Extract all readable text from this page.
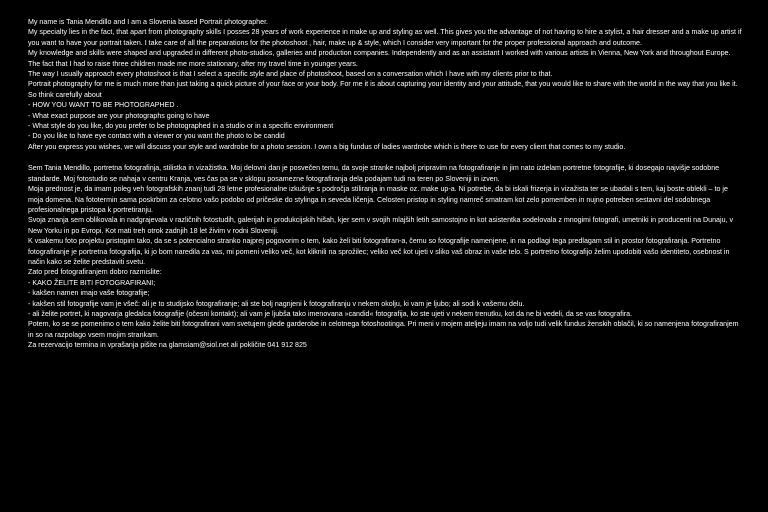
My name is Tania Mendillo and I am a Slovenia based Portrait photographer.

My specialty lies in the fact, that apart from photography skills I posses 28 years of work experience in make up and styling as well. This gives you the advantage of not having to hire a stylist, a hair dresser and a make up artist if you want to have your portrait taken. I take care of all the preparations for the photoshoot , hair, make up & style, which I consider very important for the proper professional approach and outcome.

My knowledge and skills were shaped and upgraded in different photo-studios, galleries and production companies. Independently and as an assistant I worked with various artists in Vienna, New York and throughout Europe. The fact that I had to raise three children made me more stationary, after my travel time in younger years.

The way I usually approach every photoshoot is that I select a specific style and place of photoshoot, based on a conversation which I have with my clients prior to that.

Portrait photography for me is much more than just taking a quick picture of your face or your body. For me it is about capturing your identity and your attitude, that you would like to share with the world in the way that you like it.

So think carefully about

- HOW YOU WANT TO BE PHOTOGRAPHED .

- What exact purpose are your photographs going to have

- What style do you like, do you prefer to be photographed in a studio or in a specific environment

- Do you like to have eye contact with a viewer or you want the photo to be candid

After you express you wishes, we will discuss your style and wardrobe for a photo session. I own a big fundus of ladies wardrobe which is there to use for every client that comes to my studio.

Sem Tania Mendillo, portretna fotografinja, stilistka in vizažistka. Moj delovni dan je posvečen temu, da svoje stranke najbolj pripravim na fotografiranje in jim nato izdelam portretne fotografije, ki dosegajo najvišje sodobne standarde. Moj fotostudio se nahaja v centru Kranja, ves čas pa se v sklopu posamezne fotografiranja dela podajam tudi na teren po Sloveniji in izven.

Moja prednost je, da imam poleg veh fotografskih znanj tudi 28 letne profesionalne izkušnje s področja stiliranja in maske oz. make up-a. Ni potrebe, da bi iskali frizerja in vizažista ter se ubadali s tem, kaj boste oblekli – to je moja domena. Na fototermin sama poskrbim za celotno vašo podobo od pričeske do stylinga in seveda ličenja. Celosten pristop in styling namreč smatram kot zelo pomemben in nujno potreben sestavni del sodobnega profesionalnega pristopa k portretiranju.

Svoja znanja sem oblikovala in nadgrajevala v različnih fotostudih, galerijah in produkcijskih hišah, kjer sem v svojih mlajših letih samostojno in kot asistentka sodelovala z mnogimi fotografi, umetniki in producenti na Dunaju, v New Yorku in po Evropi. Kot mati treh otrok zadnjih 18 let živim v rodni Sloveniji.

K vsakemu foto projektu pristopim tako, da se s potencialno stranko najprej pogovorim o tem, kako želi biti fotografiran-a, čemu so fotografije namenjene, in na podlagi tega predlagam stil in prostor fotografiranja. Portretno fotografiranje je portretna fotografija, ki jo bom naredila za vas, mi pomeni veliko več, kot kliknili na sprožilec; veliko več kot ujeti v sliko vaš obraz in vaše telo. S portretno fotografijo želim upodobiti vašo identiteto, osebnost in način kako se želite predstaviti svetu.

Zato pred fotografiranjem dobro razmislite:

- KAKO ŽELITE BITI FOTOGRAFIRANI;

- kakšen namen imajo vaše fotografije;

- kakšen stil fotografije vam je všeč: ali je to studijsko fotografiranje; ali ste bolj nagnjeni k fotografiranju v nekem okolju, ki vam je ljubo; ali sodi k vašemu delu.

- ali želite portret, ki nagovarja gledalca fotografije (očesni kontakt); ali vam je ljubša tako imenovana »candid« fotografija, ko ste ujeti v nekem trenutku, kot da ne bi vedeli, da se vas fotografira.

Potem, ko se se pomenimo o tem kako želite biti fotografirani vam svetujem glede garderobe in celotnega fotoshootinga. Pri meni v mojem ateljeju imam na voljo tudi velik fundus ženskih oblačil, ki so namenjena fotografiranjem in so na razpolago vsem mojim strankam.

Za rezervacijo termina in vprašanja pišite na glamsiam@siol.net ali pokličite 041 912 825
